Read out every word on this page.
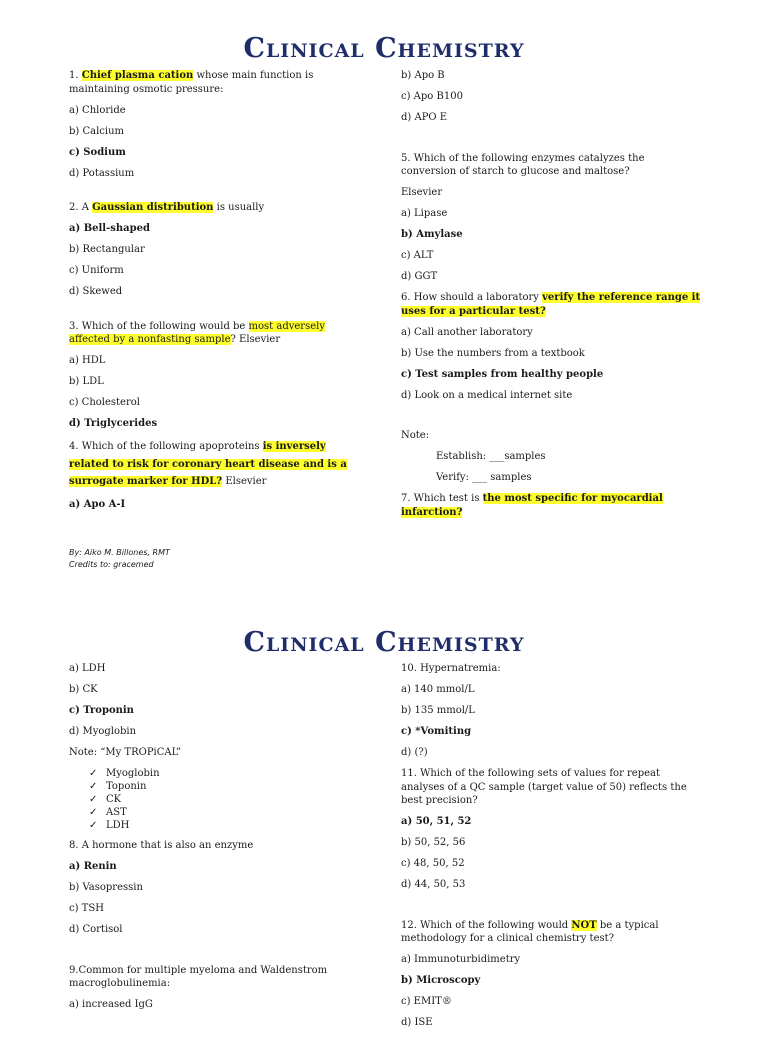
Clinical Chemistry
1. Chief plasma cation whose main function is maintaining osmotic pressure:
a) Chloride
b) Calcium
c) Sodium
d) Potassium
2. A Gaussian distribution is usually
a) Bell-shaped
b) Rectangular
c) Uniform
d) Skewed
3. Which of the following would be most adversely affected by a nonfasting sample? Elsevier
a) HDL
b) LDL
c) Cholesterol
d) Triglycerides
4. Which of the following apoproteins is inversely related to risk for coronary heart disease and is a surrogate marker for HDL? Elsevier
a) Apo A-I

By: Aiko M. Billones, RMT

Credits to: gracemed

b) Apo B
c) Apo B100
d) APO E
5. Which of the following enzymes catalyzes the conversion of starch to glucose and maltose?
Elsevier
a) Lipase
b) Amylase
c) ALT
d) GGT
6. How should a laboratory verify the reference range it uses for a particular test?
a) Call another laboratory
b) Use the numbers from a textbook
c) Test samples from healthy people
d) Look on a medical internet site
Note:
Establish: ___samples
Verify: ___ samples
7. Which test is the most specific for myocardial infarction?
Clinical Chemistry
a) LDH
b) CK
c) Troponin
d) Myoglobin
Note: “My TROPiCAL”
✓ Myoglobin
✓ Toponin
✓ CK
✓ AST
✓ LDH
8. A hormone that is also an enzyme
a) Renin
b) Vasopressin
c) TSH
d) Cortisol
9.Common for multiple myeloma and Waldenstrom macroglobulinemia:
a) increased IgG
10. Hypernatremia:
a) 140 mmol/L
b) 135 mmol/L
c) *Vomiting
d) (?)
11. Which of the following sets of values for repeat analyses of a QC sample (target value of 50) reflects the best precision?
a) 50, 51, 52
b) 50, 52, 56
c) 48, 50, 52
d) 44, 50, 53
12. Which of the following would NOT be a typical methodology for a clinical chemistry test?
a) Immunoturbidimetry
b) Microscopy
c) EMIT®
d) ISE
